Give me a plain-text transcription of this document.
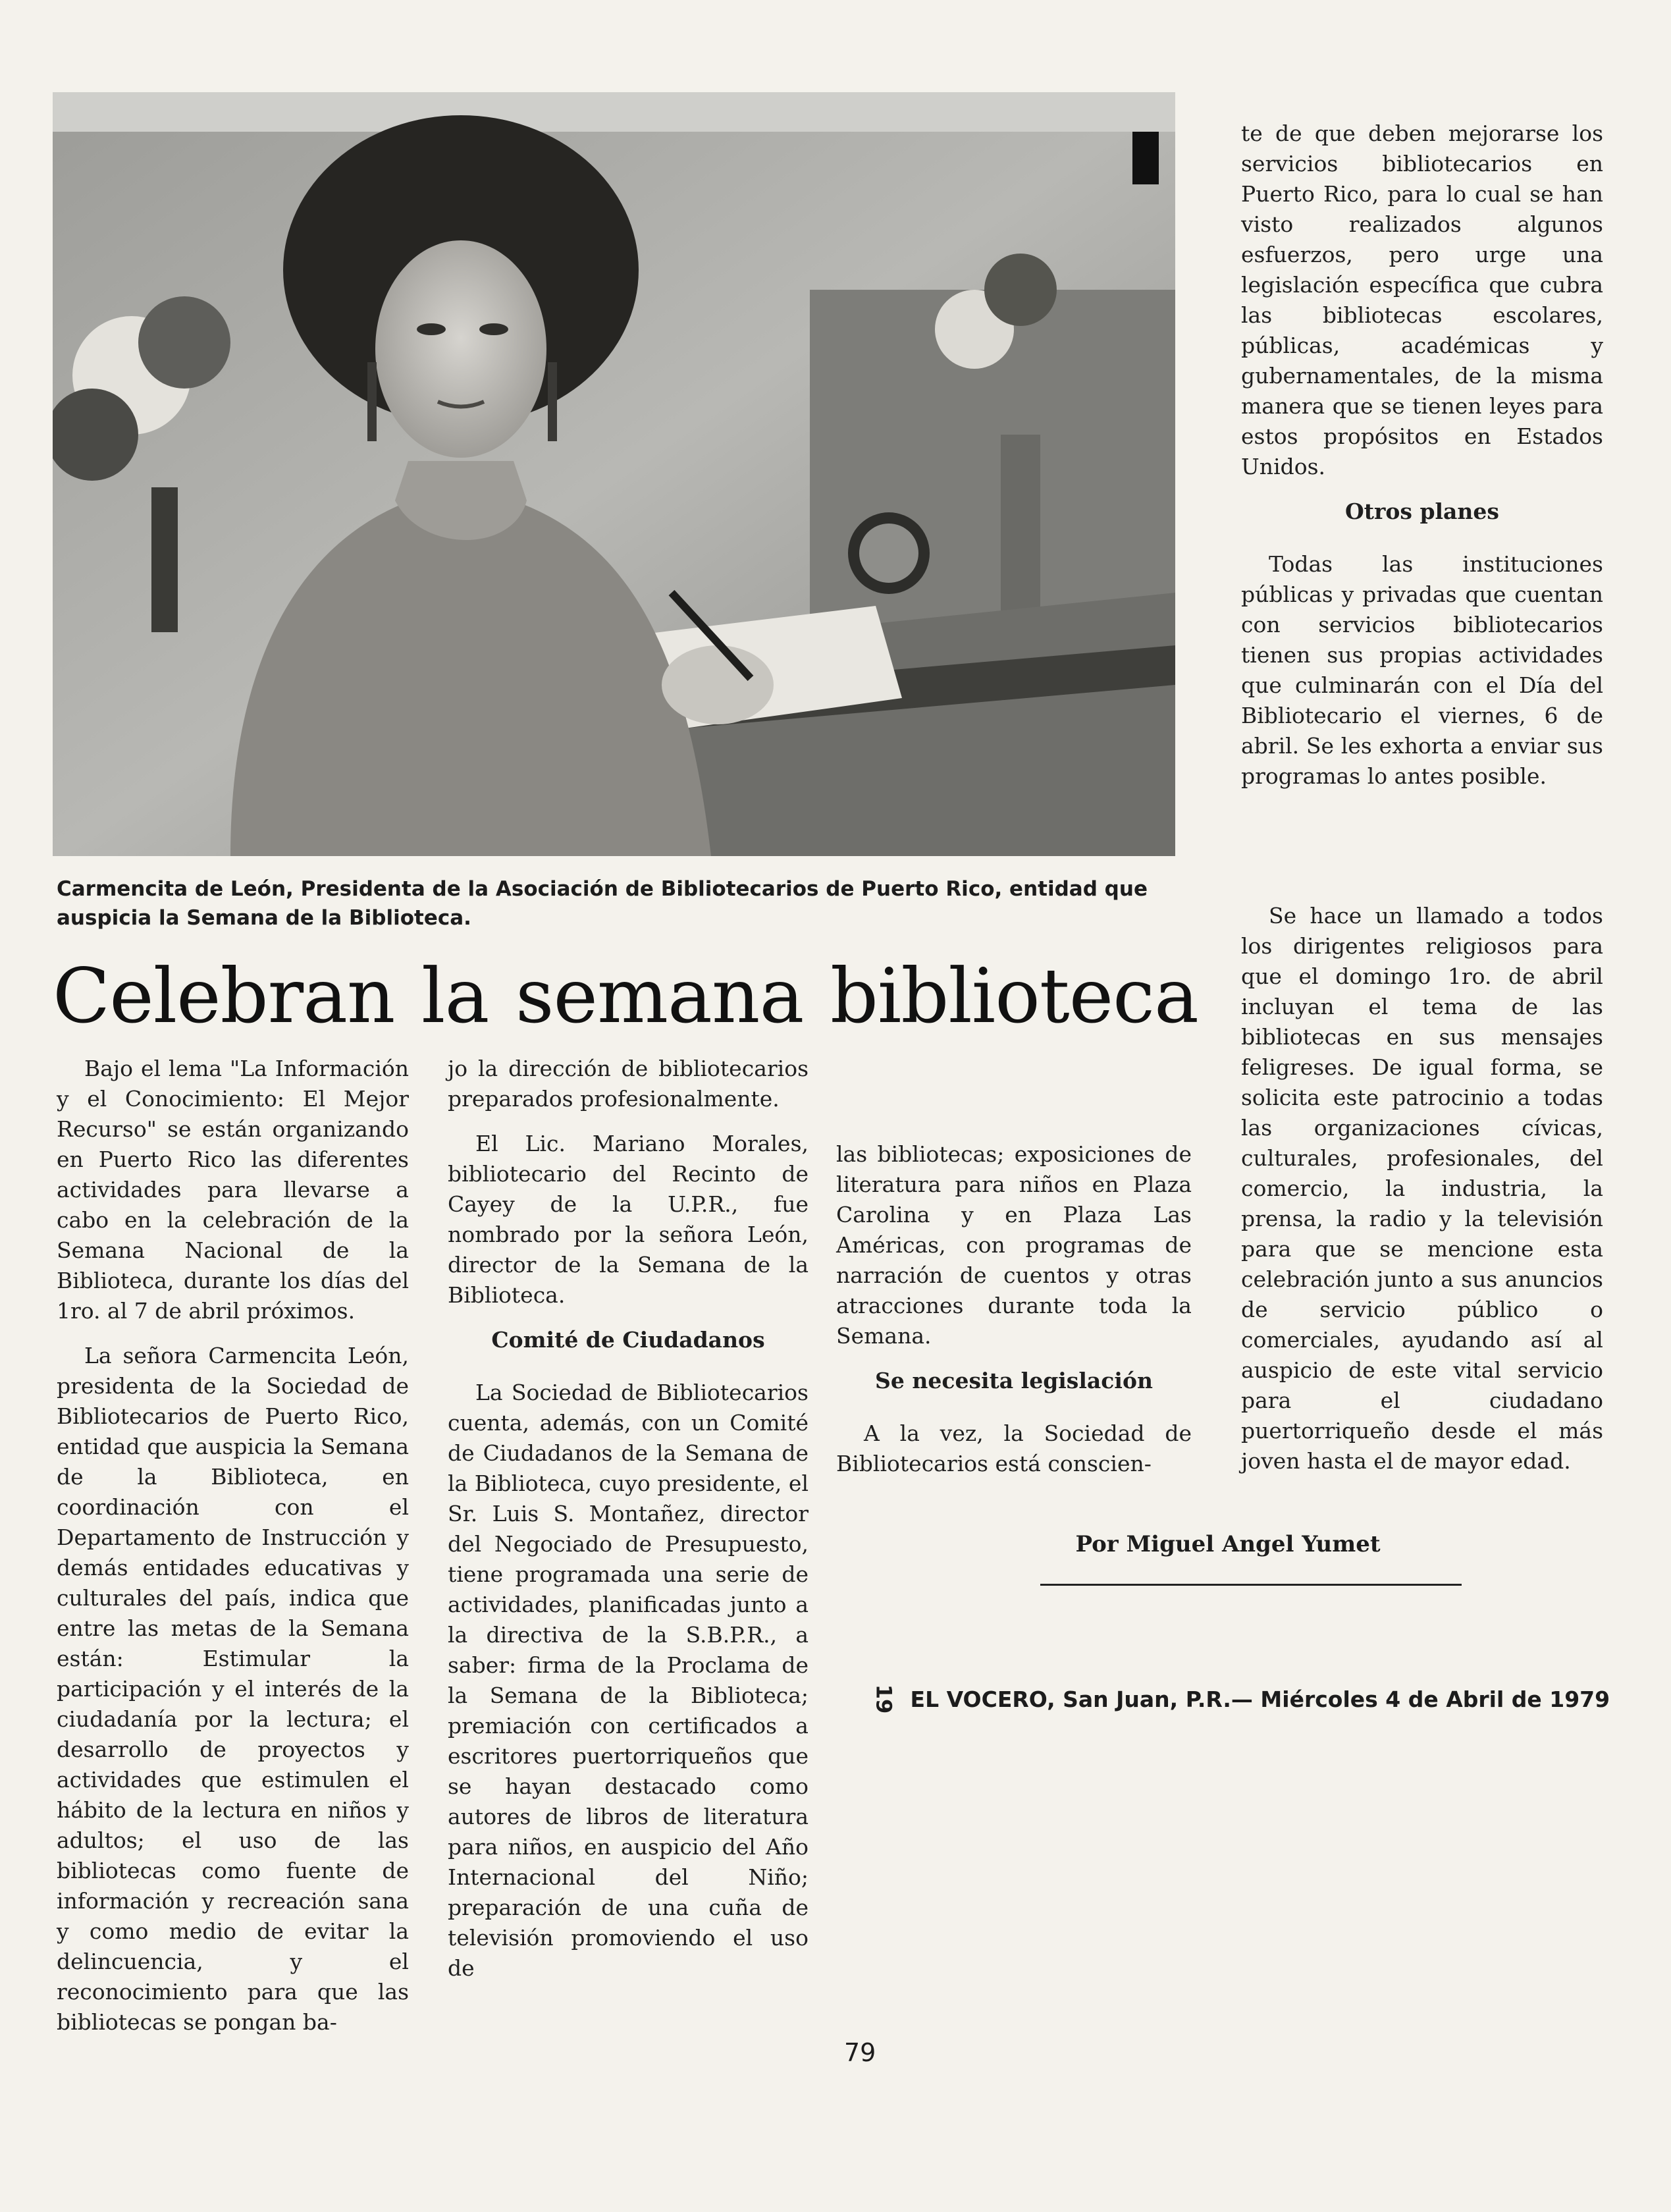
Carmencita de León, Presidenta de la Asociación de Bibliotecarios de Puerto Rico, entidad que auspicia la Semana de la Biblioteca.
Celebran la semana biblioteca

Bajo el lema "La Información y el Conocimiento: El Mejor Recurso" se están organizando en Puerto Rico las diferentes actividades para llevarse a cabo en la celebración de la Semana Nacional de la Biblioteca, durante los días del 1ro. al 7 de abril próximos.

La señora Carmencita León, presidenta de la Sociedad de Bibliotecarios de Puerto Rico, entidad que auspicia la Semana de la Biblioteca, en coordinación con el Departamento de Instrucción y demás entidades educativas y culturales del país, indica que entre las metas de la Semana están: Estimular la participación y el interés de la ciudadanía por la lectura; el desarrollo de proyectos y actividades que estimulen el hábito de la lectura en niños y adultos; el uso de las bibliotecas como fuente de información y recreación sana y como medio de evitar la delincuencia, y el reconocimiento para que las bibliotecas se pongan ba-

jo la dirección de bibliotecarios preparados profesionalmente.

El Lic. Mariano Morales, bibliotecario del Recinto de Cayey de la U.P.R., fue nombrado por la señora León, director de la Semana de la Biblioteca.

Comité de Ciudadanos

La Sociedad de Bibliotecarios cuenta, además, con un Comité de Ciudadanos de la Semana de la Biblioteca, cuyo presidente, el Sr. Luis S. Montañez, director del Negociado de Presupuesto, tiene programada una serie de actividades, planificadas junto a la directiva de la S.B.P.R., a saber: firma de la Proclama de la Semana de la Biblioteca; premiación con certificados a escritores puertorriqueños que se hayan destacado como autores de libros de literatura para niños, en auspicio del Año Internacional del Niño; preparación de una cuña de televisión promoviendo el uso de

las bibliotecas; exposiciones de literatura para niños en Plaza Carolina y en Plaza Las Américas, con programas de narración de cuentos y otras atracciones durante toda la Semana.

Se necesita legislación

A la vez, la Sociedad de Bibliotecarios está conscien-

te de que deben mejorarse los servicios bibliotecarios en Puerto Rico, para lo cual se han visto realizados algunos esfuerzos, pero urge una legislación específica que cubra las bibliotecas escolares, públicas, académicas y gubernamentales, de la misma manera que se tienen leyes para estos propósitos en Estados Unidos.

Otros planes

Todas las instituciones públicas y privadas que cuentan con servicios bibliotecarios tienen sus propias actividades que culminarán con el Día del Bibliotecario el viernes, 6 de abril. Se les exhorta a enviar sus programas lo antes posible.

Se hace un llamado a todos los dirigentes religiosos para que el domingo 1ro. de abril incluyan el tema de las bibliotecas en sus mensajes feligreses. De igual forma, se solicita este patrocinio a todas las organizaciones cívicas, culturales, profesionales, del comercio, la industria, la prensa, la radio y la televisión para que se mencione esta celebración junto a sus anuncios de servicio público o comerciales, ayudando así al auspicio de este vital servicio para el ciudadano puertorriqueño desde el más joven hasta el de mayor edad.

Por Miguel Angel Yumet
19 EL VOCERO, San Juan, P.R.— Miércoles 4 de Abril de 1979
79
